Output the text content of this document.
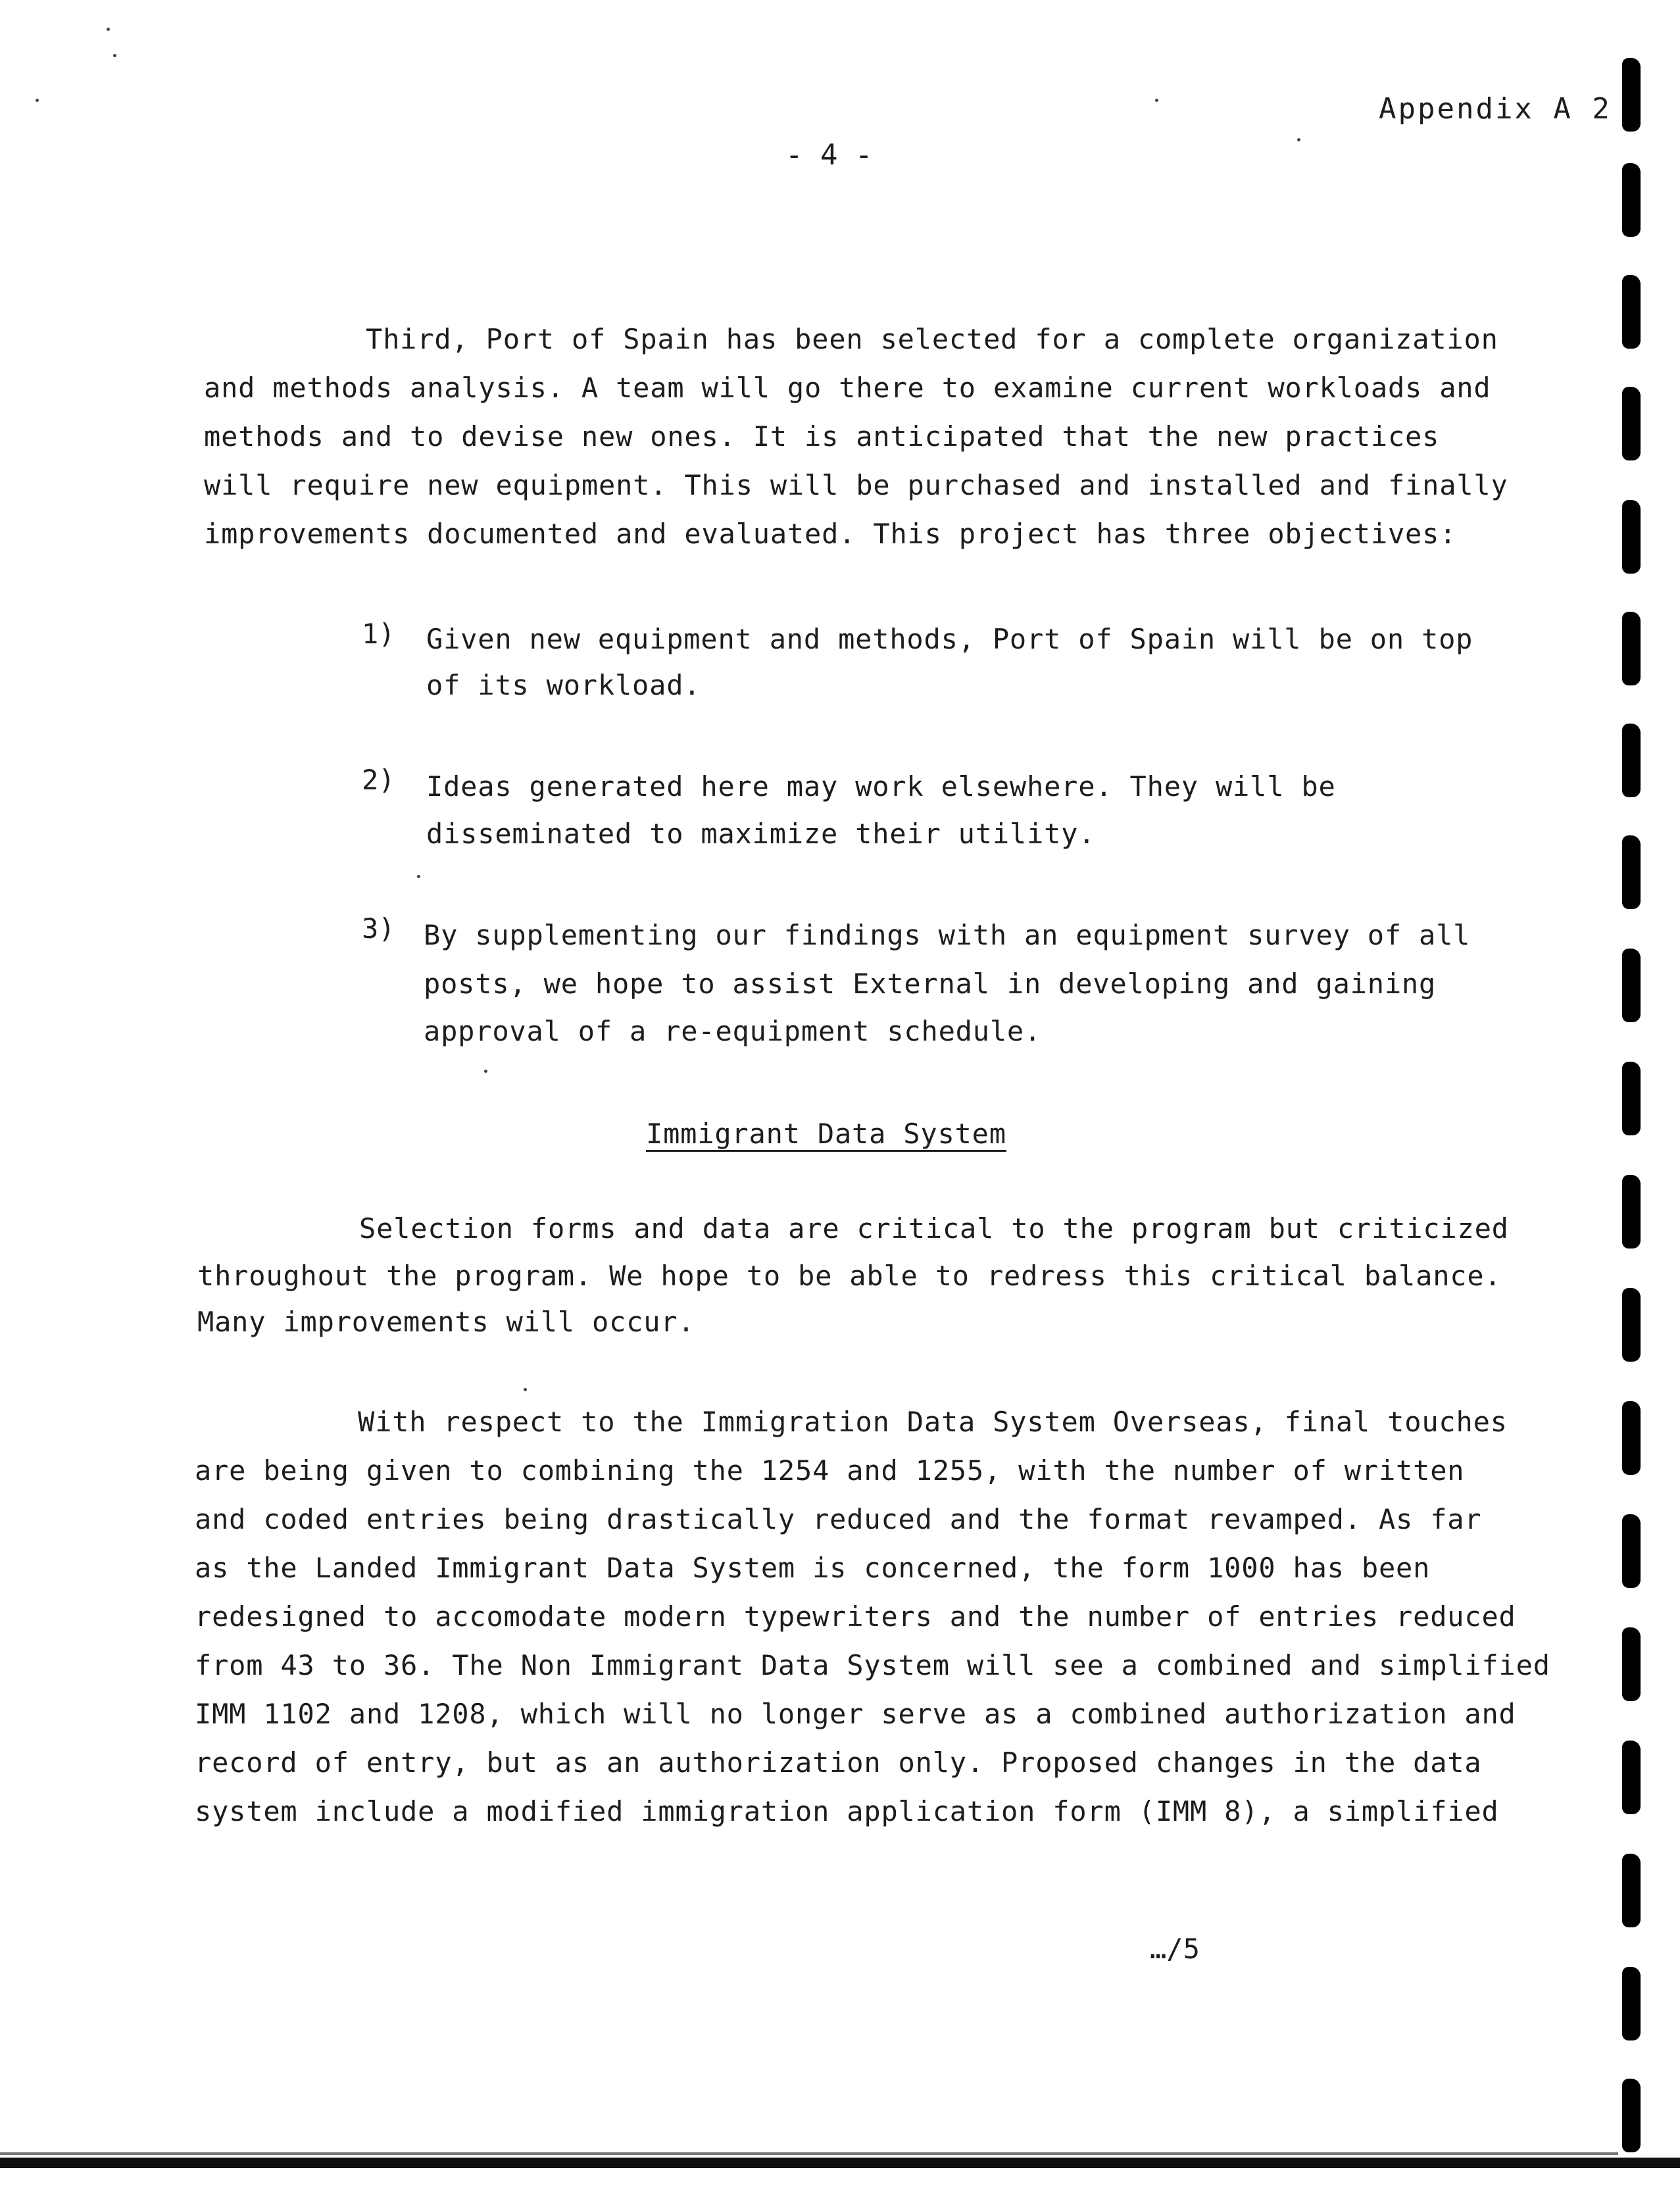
Appendix A 2
- 4 -
Third, Port of Spain has been selected for a complete organization
and methods analysis. A team will go there to examine current workloads and
methods and to devise new ones. It is anticipated that the new practices
will require new equipment. This will be purchased and installed and finally
improvements documented and evaluated. This project has three objectives:
1) Given new equipment and methods, Port of Spain will be on top
of its workload.
2) Ideas generated here may work elsewhere. They will be
disseminated to maximize their utility.
3) By supplementing our findings with an equipment survey of all
posts, we hope to assist External in developing and gaining
approval of a re-equipment schedule.
Immigrant Data System
Selection forms and data are critical to the program but criticized
throughout the program. We hope to be able to redress this critical balance.
Many improvements will occur.
With respect to the Immigration Data System Overseas, final touches
are being given to combining the 1254 and 1255, with the number of written
and coded entries being drastically reduced and the format revamped. As far
as the Landed Immigrant Data System is concerned, the form 1000 has been
redesigned to accomodate modern typewriters and the number of entries reduced
from 43 to 36. The Non Immigrant Data System will see a combined and simplified
IMM 1102 and 1208, which will no longer serve as a combined authorization and
record of entry, but as an authorization only. Proposed changes in the data
system include a modified immigration application form (IMM 8), a simplified
…/5
